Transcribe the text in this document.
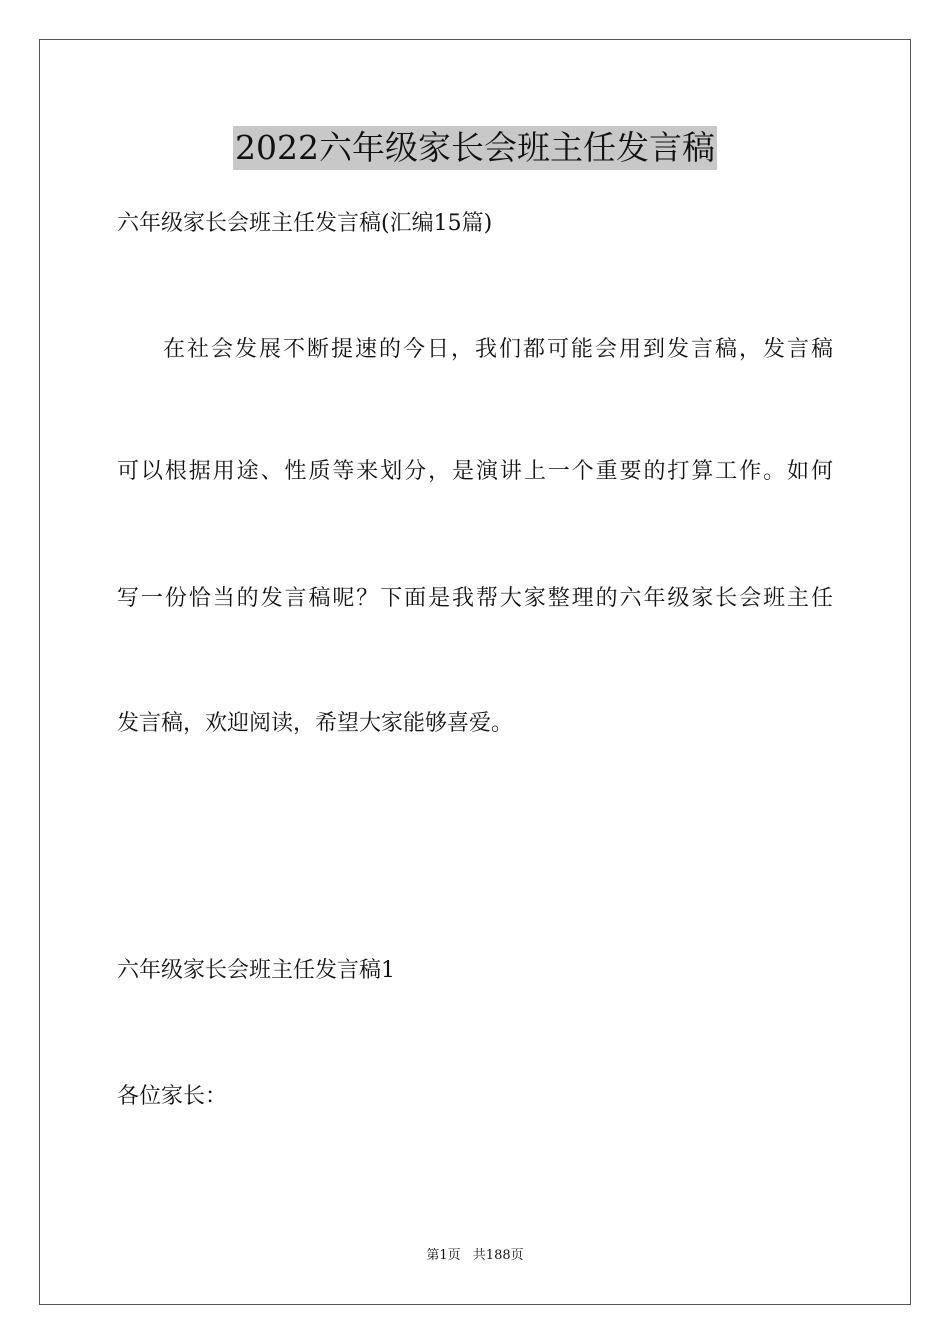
2022六年级家长会班主任发言稿

六年级家长会班主任发言稿(汇编15篇)

在社会发展不断提速的今日，我们都可能会用到发言稿，发言稿

可以根据用途、性质等来划分，是演讲上一个重要的打算工作。如何

写一份恰当的发言稿呢？下面是我帮大家整理的六年级家长会班主任

发言稿，欢迎阅读，希望大家能够喜爱。

六年级家长会班主任发言稿1

各位家长：

第1页 共188页
